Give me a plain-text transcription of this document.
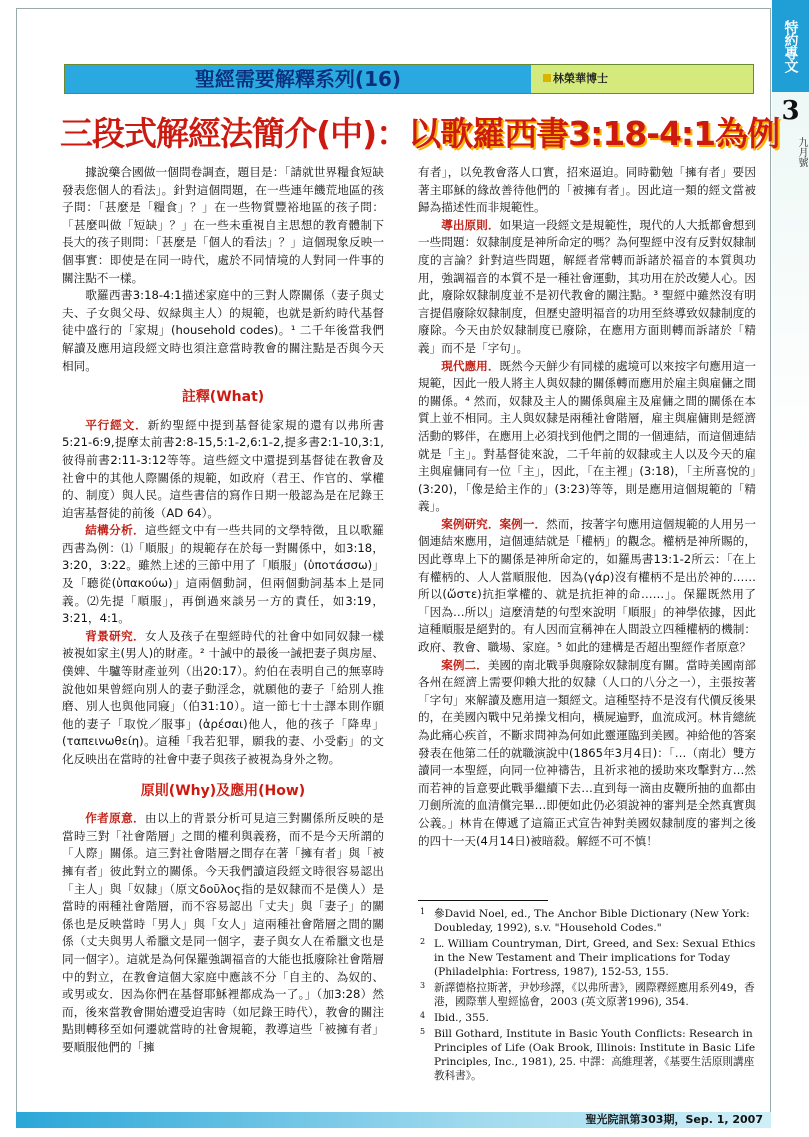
特約專文
3
九月號
聖經需要解釋系列(16)	林榮華博士
三段式解經法簡介(中)：以歌羅西書3:18-4:1為例

據說藥合國做一個問卷調查，題目是：「請就世界糧食短缺發表您個人的看法」。針對這個問題，在一些連年饑荒地區的孩子問：「甚麼是「糧食」？」在一些物質豐裕地區的孩子問：「甚麼叫做「短缺」？」在一些未重視自主思想的教育體制下長大的孩子則問：「甚麼是「個人的看法」？」這個現象反映一個事實：即使是在同一時代，處於不同情境的人對同一件事的關注點不一樣。

歌羅西書3:18-4:1描述家庭中的三對人際關係（妻子與丈夫、子女與父母、奴緑與主人）的規範，也就是新約時代基督徒中盛行的「家規」(household codes)。¹ 二千年後當我們解讀及應用這段經文時也須注意當時教會的關注點是否與今天相同。

註釋(What)

平行經文．新約聖經中提到基督徒家規的還有以弗所書5:21-6:9,提摩太前書2:8-15,5:1-2,6:1-2,提多書2:1-10,3:1,彼得前書2:11-3:12等等。這些經文中還提到基督徒在教會及社會中的其他人際關係的規範，如政府（君王、作官的、掌權的、制度）與人民。這些書信的寫作日期一般認為是在尼錄王迫害基督徒的前後（AD 64）。

結構分析．這些經文中有一些共同的文學特徵，且以歌羅西書為例：⑴「順服」的規範存在於每一對關係中，如3:18，3:20，3:22。雖然上述的三節中用了「順服」(ὑποτάσσω)」及「聽從(ὑπακούω)」這兩個動詞，但兩個動詞基本上是同義。⑵先提「順服」，再倒過來談另一方的責任，如3:19，3:21，4:1。

背景研究．女人及孩子在聖經時代的社會中如同奴隸一樣被視如家主(男人)的財產。² 十誡中的最後一誡把妻子與房屋、僕婢、牛驢等財產並列（出20:17）。約伯在表明自己的無辜時說他如果曾經向別人的妻子動淫念，就願他的妻子「給別人推磨、別人也與他同寢」（伯31:10）。這一節七十士譯本則作願他的妻子「取悅／服事」(ἀρέσαι)他人，他的孩子「降卑」(ταπεινωθείη)。這種「我若犯罪，願我的妻、小受虧」的文化反映出在當時的社會中妻子與孩子被視為身外之物。

原則(Why)及應用(How)

作者原意．由以上的背景分析可見這三對關係所反映的是當時三對「社會階層」之間的權利與義務，而不是今天所謂的「人際」關係。這三對社會階層之間存在著「擁有者」與「被擁有者」彼此對立的關係。今天我們讀這段經文時很容易認出「主人」與「奴隸」（原文δοῦλος指的是奴隸而不是僕人）是當時的兩種社會階層，而不容易認出「丈夫」與「妻子」的關係也是反映當時「男人」與「女人」這兩種社會階層之間的關係（丈夫與男人希臘文是同一個字，妻子與女人在希臘文也是同一個字）。這就是為何保羅強調福音的大能也抵廢除社會階層中的對立，在教會這個大家庭中應該不分「自主的、為奴的、或男或女．因為你們在基督耶穌裡都成為一了。」（加3:28）然而，後來當教會開始遭受迫害時（如尼錄王時代），教會的關注點則轉移至如何遷就當時的社會規範，教導這些「被擁有者」要順服他們的「擁

有者」，以免教會落人口實，招來逼迫。同時勸勉「擁有者」要因著主耶穌的緣故善待他們的「被擁有者」。因此這一類的經文當被歸為描述性而非規範性。

導出原則．如果這一段經文是規範性，現代的人大抵都會想到一些問題：奴隸制度是神所命定的嗎？為何聖經中沒有反對奴隸制度的言論？針對這些問題，解經者常轉而訴諸於福音的本質與功用，強調福音的本質不是一種社會運動，其功用在於改變人心。因此，廢除奴隸制度並不是初代教會的關注點。³ 聖經中雖然沒有明言提倡廢除奴隸制度，但歷史證明福音的功用至終導致奴隸制度的廢除。今天由於奴隸制度已廢除，在應用方面則轉而訴諸於「精義」而不是「字句」。

現代應用．既然今天鮮少有同樣的處境可以來按字句應用這一規範，因此一般人將主人與奴隸的關係轉而應用於雇主與雇傭之間的關係。⁴ 然而，奴隸及主人的關係與雇主及雇傭之間的關係在本質上並不相同。主人與奴隸是兩種社會階層，雇主與雇傭則是經濟活動的夥伴，在應用上必須找到他們之間的一個連結，而這個連結就是「主」。對基督徒來說，二千年前的奴隸或主人以及今天的雇主與雇傭同有一位「主」，因此，「在主裡」(3:18)，「主所喜悅的」(3:20)，「像是給主作的」(3:23)等等，則是應用這個規範的「精義」。

案例研究．案例一．然而，按著字句應用這個規範的人用另一個連結來應用，這個連結就是「權柄」的觀念。權柄是神所賜的，因此尊卑上下的關係是神所命定的，如羅馬書13:1-2所云：「在上有權柄的、人人當順服他．因為(γάρ)沒有權柄不是出於神的……所以(ὥστε)抗拒掌權的、就是抗拒神的命……」。保羅既然用了「因為…所以」這麼清楚的句型來說明「順服」的神學依據，因此這種順服是絕對的。有人因而宣稱神在人間設立四種權柄的機制：政府、教會、職場、家庭。⁵ 如此的建構是否超出聖經作者原意？

案例二．美國的南北戰爭與廢除奴隸制度有關。當時美國南部各州在經濟上需要仰賴大批的奴隸（人口的八分之一），主張按著「字句」來解讀及應用這一類經文。這種堅持不是沒有代價反後果的，在美國內戰中兄弟操戈相向，橫屍遍野，血流成河。林肯總統為此痛心疾首，不斷求問神為何如此靈運臨到美國。神給他的答案發表在他第二任的就職演說中(1865年3月4日)：「…（南北）雙方讀同一本聖經，向同一位神禱告，且祈求祂的援助來攻擊對方…然而若神的旨意要此戰爭繼續下去…直到每一滴由皮鞭所抽的血都由刀劍所流的血清償完畢…即便如此仍必須說神的審判是全然真實與公義。」林肯在傳遞了這篇正式宣告神對美國奴隸制度的審判之後的四十一天(4月14日)被暗殺。解經不可不慎！

1 參David Noel, ed., The Anchor Bible Dictionary (New York: Doubleday, 1992), s.v. "Household Codes."
2 L. William Countryman, Dirt, Greed, and Sex: Sexual Ethics in the New Testament and Their implications for Today (Philadelphia: Fortress, 1987), 152-53, 155.
3 新譯德格拉斯著，尹妙珍譯，《以弗所書》，國際釋經應用系列49，香港，國際華人聖經協會，2003 (英文原著1996), 354.
4 Ibid., 355.
5 Bill Gothard, Institute in Basic Youth Conflicts: Research in Principles of Life (Oak Brook, Illinois: Institute in Basic Life Principles, Inc., 1981), 25. 中譯：高維理著，《基要生活原則講座教科書》。
聖光院訊第303期，Sep. 1, 2007
